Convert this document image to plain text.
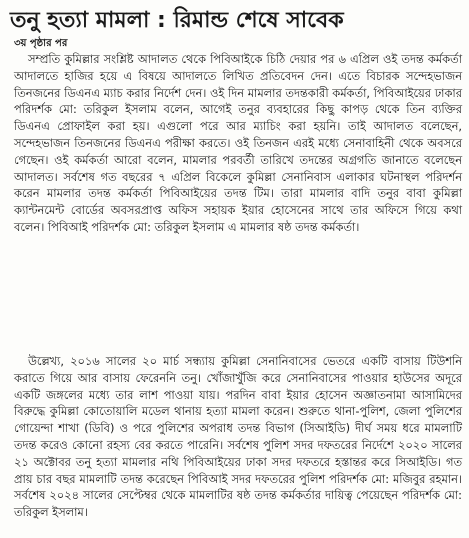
তনু হত্যা মামলা : রিমান্ড শেষে সাবেক
৩য় পৃষ্ঠার পর

সম্প্রতি কুমিল্লার সংশ্লিষ্ট আদালত থেকে পিবিআইকে চিঠি দেয়ার পর ৬ এপ্রিল ওই তদন্ত কর্মকর্তা আদালতে হাজির হয়ে এ বিষয়ে আদালতে লিখিত প্রতিবেদন দেন। এতে বিচারক সন্দেহভাজন তিনজনের ডিএনএ ম্যাচ করার নির্দেশ দেন। ওই দিন মামলার তদন্তকারী কর্মকর্তা, পিবিআইয়ের ঢাকার পরিদর্শক মো: তরিকুল ইসলাম বলেন, আগেই তনুর ব্যবহারের কিছু কাপড় থেকে তিন ব্যক্তির ডিএনএ প্রোফাইল করা হয়। এগুলো পরে আর ম্যাচিং করা হয়নি। তাই আদালত বলেছেন, সন্দেহভাজন তিনজনের ডিএনএ পরীক্ষা করতে। ওই তিনজন এরই মধ্যে সেনাবাহিনী থেকে অবসরে গেছেন। ওই কর্মকর্তা আরো বলেন, মামলার পরবর্তী তারিখে তদন্তের অগ্রগতি জানাতে বলেছেন আদালত। সর্বশেষ গত বছরের ৭ এপ্রিল বিকেলে কুমিল্লা সেনানিবাস এলাকার ঘটনাস্থল পরিদর্শন করেন মামলার তদন্ত কর্মকর্তা পিবিআইয়ের তদন্ত টিম। তারা মামলার বাদি তনুর বাবা কুমিল্লা ক্যান্টনমেন্ট বোর্ডের অবসরপ্রাপ্ত অফিস সহায়ক ইয়ার হোসেনের সাথে তার অফিসে গিয়ে কথা বলেন। পিবিআই পরিদর্শক মো: তরিকুল ইসলাম এ মামলার ষষ্ঠ তদন্ত কর্মকর্তা।

উল্লেখ্য, ২০১৬ সালের ২০ মার্চ সন্ধ্যায় কুমিল্লা সেনানিবাসের ভেতরে একটি বাসায় টিউশনি করাতে গিয়ে আর বাসায় ফেরেননি তনু। খোঁজাখুঁজি করে সেনানিবাসের পাওয়ার হাউসের অদূরে একটি জঙ্গলের মধ্যে তার লাশ পাওয়া যায়। পরদিন বাবা ইয়ার হোসেন অজ্ঞাতনামা আসামিদের বিরুদ্ধে কুমিল্লা কোতোয়ালি মডেল থানায় হত্যা মামলা করেন। শুরুতে থানা-পুলিশ, জেলা পুলিশের গোয়েন্দা শাখা (ডিবি) ও পরে পুলিশের অপরাধ তদন্ত বিভাগ (সিআইডি) দীর্ঘ সময় ধরে মামলাটি তদন্ত করেও কোনো রহস্য বের করতে পারেনি। সর্বশেষ পুলিশ সদর দফতরের নির্দেশে ২০২০ সালের ২১ অক্টোবর তনু হত্যা মামলার নথি পিবিআইয়ের ঢাকা সদর দফতরে হস্তান্তর করে সিআইডি। গত প্রায় চার বছর মামলাটি তদন্ত করেছেন পিবিআই সদর দফতরের পুলিশ পরিদর্শক মো: মজিবুর রহমান। সর্বশেষ ২০২৪ সালের সেপ্টেম্বর থেকে মামলাটির ষষ্ঠ তদন্ত কর্মকর্তার দায়িত্ব পেয়েছেন পরিদর্শক মো: তরিকুল ইসলাম।
